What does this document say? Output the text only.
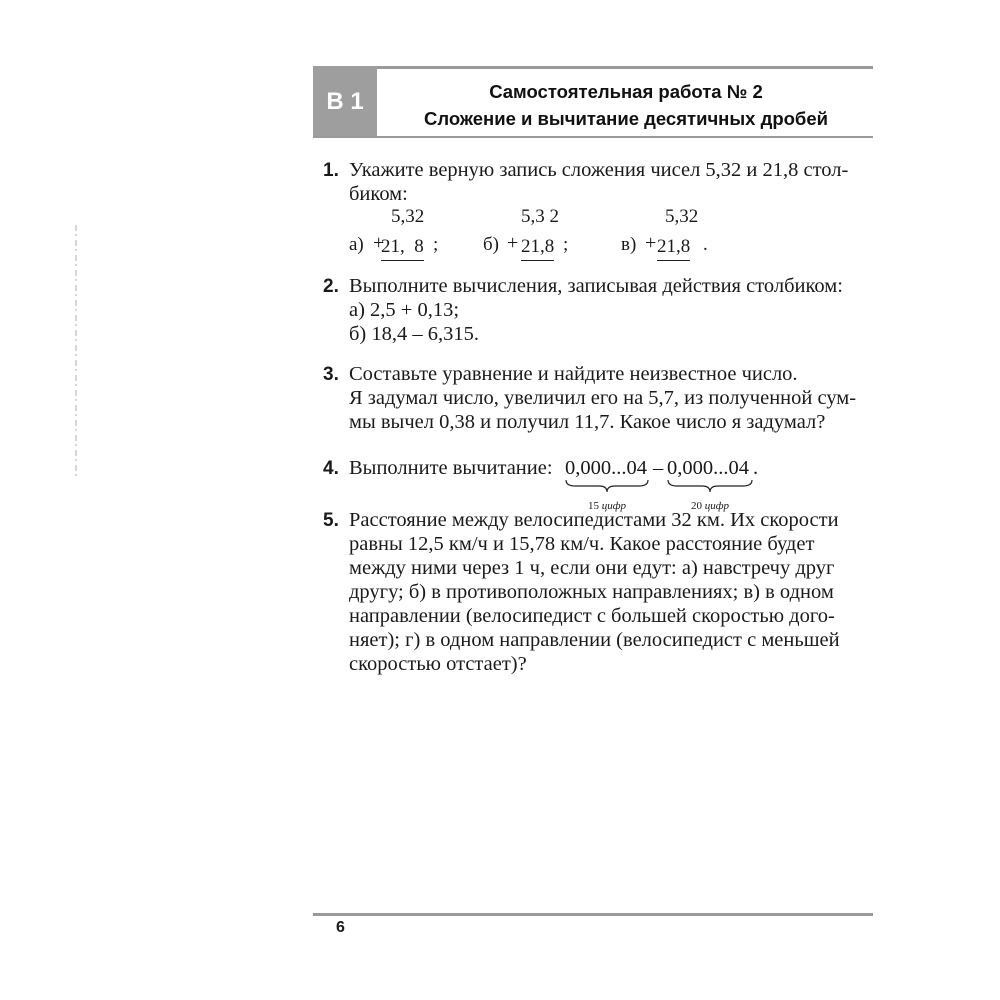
В 1	Самостоятельная работа № 2
Сложение и вычитание десятичных дробей
1. Укажите верную запись сложения чисел 5,32 и 21,8 стол-
биком:
а) +
5,32
21,  8 ; б) +
5,3 2
21,8 ;	в) +
5,32
21,8 .
2. Выполните вычисления, записывая действия столбиком:
а) 2,5 + 0,13;
б) 18,4 – 6,315.
3. Составьте уравнение и найдите неизвестное число.
Я задумал число, увеличил его на 5,7, из полученной сум-
мы вычел 0,38 и получил 11,7. Какое число я задумал?
4. Выполните вычитание: 0,000...04
15 цифр
– 0,000...04
20 цифр
.
5. Расстояние между велосипедистами 32 км. Их скорости
равны 12,5 км/ч и 15,78 км/ч. Какое расстояние будет
между ними через 1 ч, если они едут: а) навстречу друг
другу; б) в противоположных направлениях; в) в одном
направлении (велосипедист с большей скоростью дого-
няет); г) в одном направлении (велосипедист с меньшей
скоростью отстает)?
6
